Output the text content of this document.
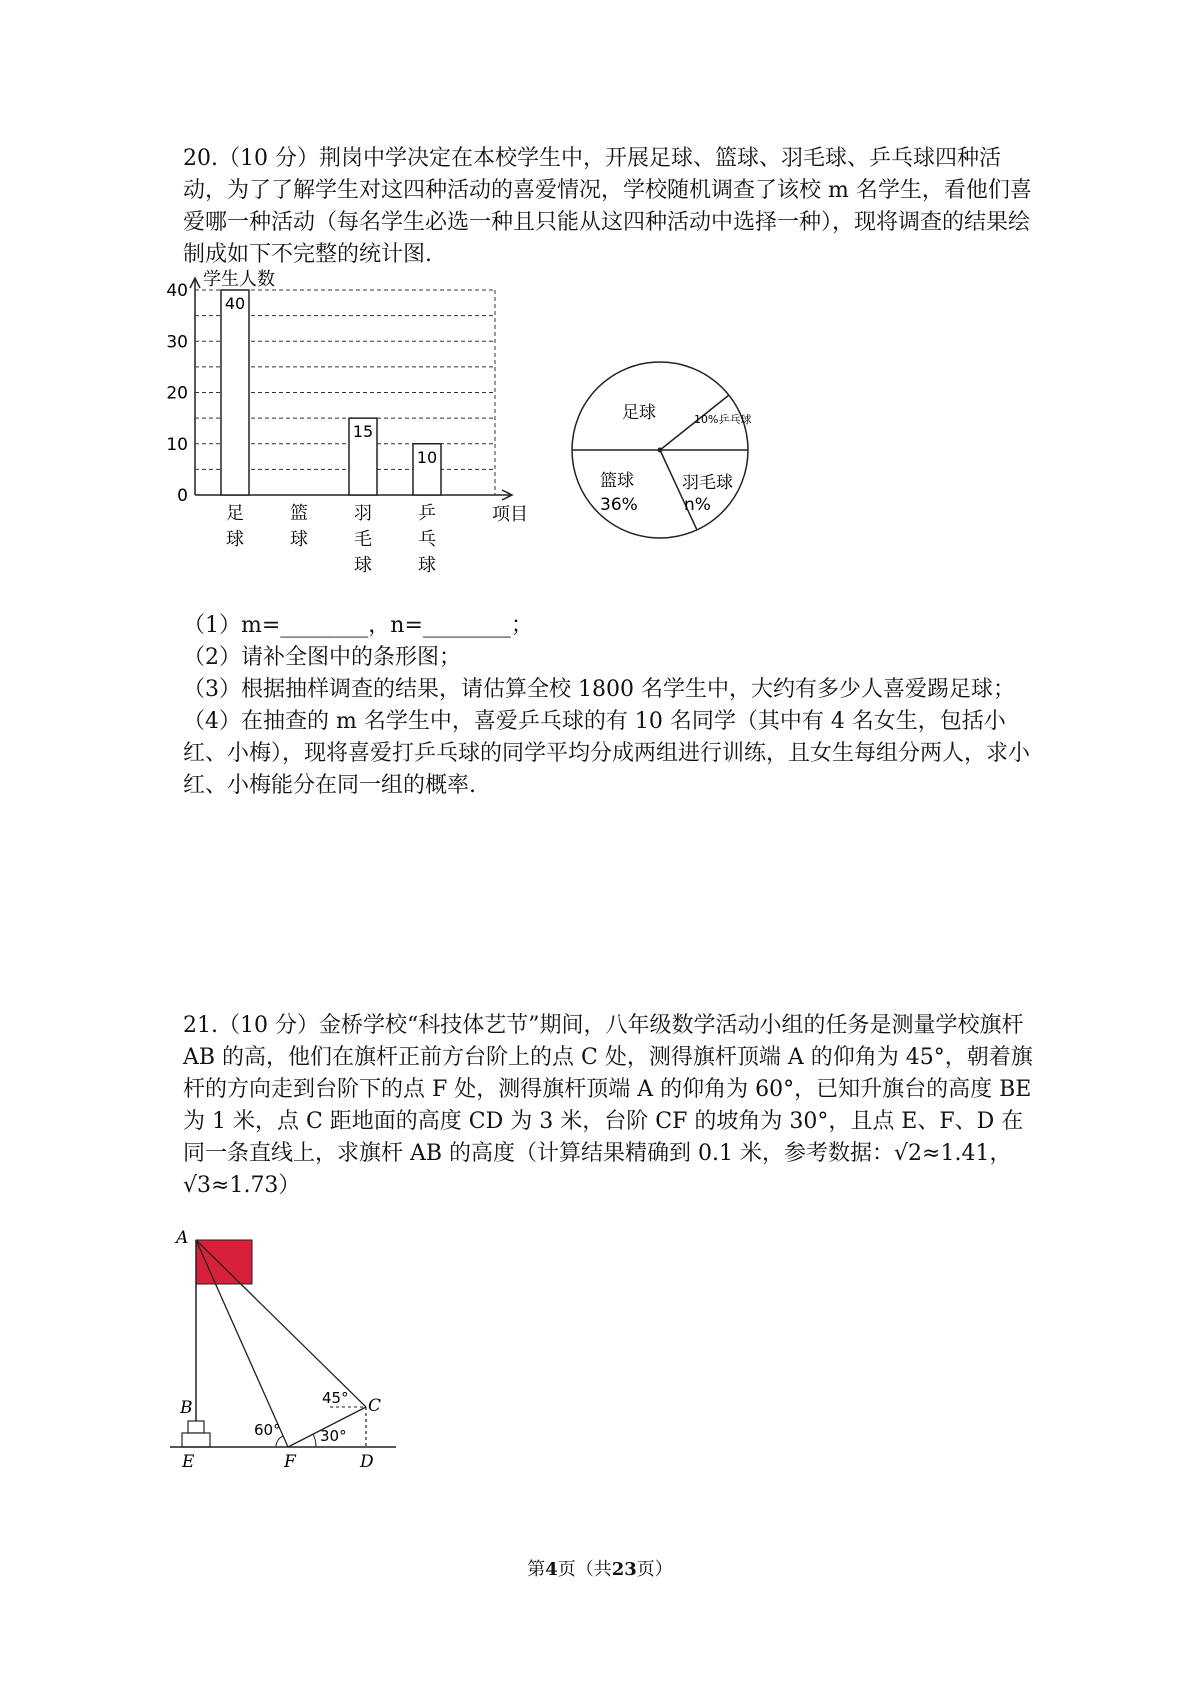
20.（10 分）荆岗中学决定在本校学生中，开展足球、篮球、羽毛球、乒乓球四种活动，为了了解学生对这四种活动的喜爱情况，学校随机调查了该校 m 名学生，看他们喜爱哪一种活动（每名学生必选一种且只能从这四种活动中选择一种），现将调查的结果绘制成如下不完整的统计图.

学生人数
项目
0
10
20
30
40
40
15
10
足
球
篮
球
羽
毛
球
乒
乓
球
足球	10%乒乓球
羽毛球
n%
篮球
36%
（1）m=________，n=________；
（2）请补全图中的条形图；
（3）根据抽样调查的结果，请估算全校 1800 名学生中，大约有多少人喜爱踢足球；
（4）在抽查的 m 名学生中，喜爱乒乓球的有 10 名同学（其中有 4 名女生，包括小红、小梅），现将喜爱打乒乓球的同学平均分成两组进行训练，且女生每组分两人，求小红、小梅能分在同一组的概率.

21.（10 分）金桥学校“科技体艺节”期间，八年级数学活动小组的任务是测量学校旗杆 AB 的高，他们在旗杆正前方台阶上的点 C 处，测得旗杆顶端 A 的仰角为 45°，朝着旗杆的方向走到台阶下的点 F 处，测得旗杆顶端 A 的仰角为 60°，已知升旗台的高度 BE 为 1 米，点 C 距地面的高度 CD 为 3 米，台阶 CF 的坡角为 30°，且点 E、F、D 在同一条直线上，求旗杆 AB 的高度（计算结果精确到 0.1 米，参考数据：√2≈1.41，√3≈1.73）

A
B	C
D
E	F
60°
45°
30°
第4页（共23页）
